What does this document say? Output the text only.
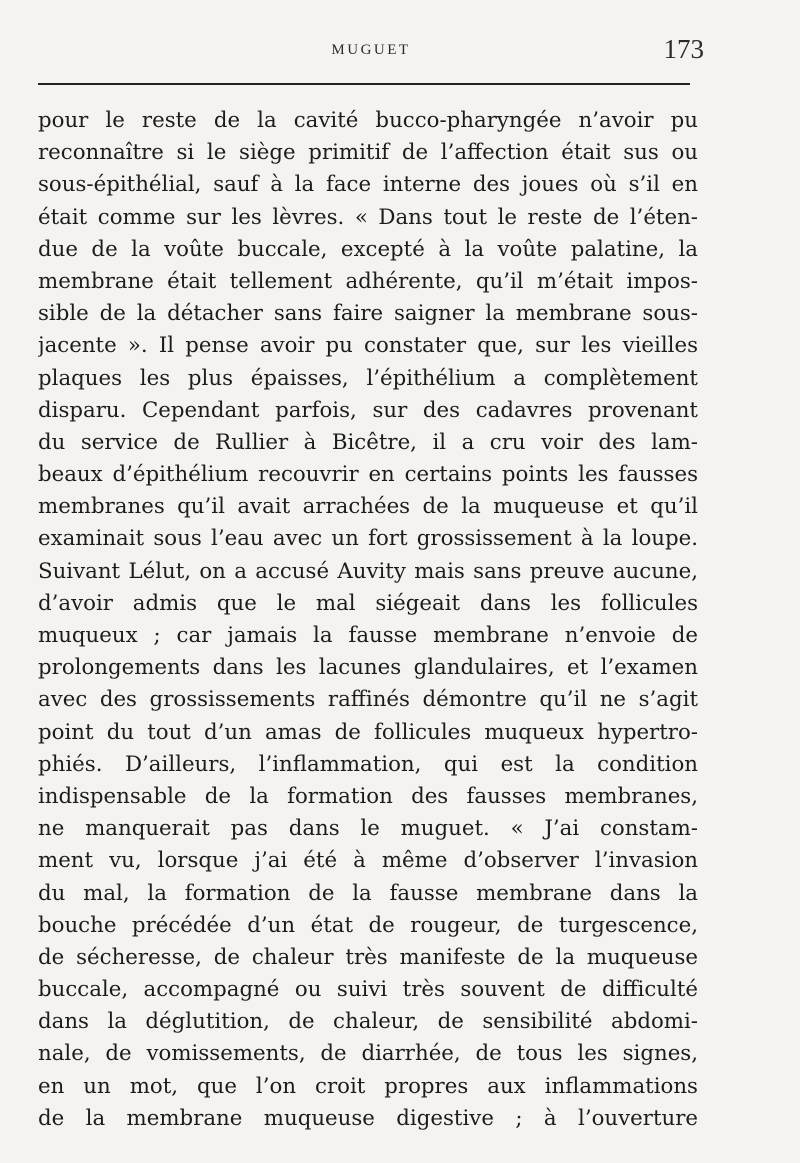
MUGUET	173
pour le reste de la cavité bucco-pharyngée n’avoir pu
reconnaître si le siège primitif de l’affection était sus ou
sous-épithélial, sauf à la face interne des joues où s’il en
était comme sur les lèvres. « Dans tout le reste de l’éten-
due de la voûte buccale, excepté à la voûte palatine, la
membrane était tellement adhérente, qu’il m’était impos-
sible de la détacher sans faire saigner la membrane sous-
jacente ». Il pense avoir pu constater que, sur les vieilles
plaques les plus épaisses, l’épithélium a complètement
disparu. Cependant parfois, sur des cadavres provenant
du service de Rullier à Bicêtre, il a cru voir des lam-
beaux d’épithélium recouvrir en certains points les fausses
membranes qu’il avait arrachées de la muqueuse et qu’il
examinait sous l’eau avec un fort grossissement à la loupe.
Suivant Lélut, on a accusé Auvity mais sans preuve aucune,
d’avoir admis que le mal siégeait dans les follicules
muqueux ; car jamais la fausse membrane n’envoie de
prolongements dans les lacunes glandulaires, et l’examen
avec des grossissements raffinés démontre qu’il ne s’agit
point du tout d’un amas de follicules muqueux hypertro-
phiés. D’ailleurs, l’inflammation, qui est la condition
indispensable de la formation des fausses membranes,
ne manquerait pas dans le muguet. « J’ai constam-
ment vu, lorsque j’ai été à même d’observer l’invasion
du mal, la formation de la fausse membrane dans la
bouche précédée d’un état de rougeur, de turgescence,
de sécheresse, de chaleur très manifeste de la muqueuse
buccale, accompagné ou suivi très souvent de difficulté
dans la déglutition, de chaleur, de sensibilité abdomi-
nale, de vomissements, de diarrhée, de tous les signes,
en un mot, que l’on croit propres aux inflammations
de la membrane muqueuse digestive ; à l’ouverture
